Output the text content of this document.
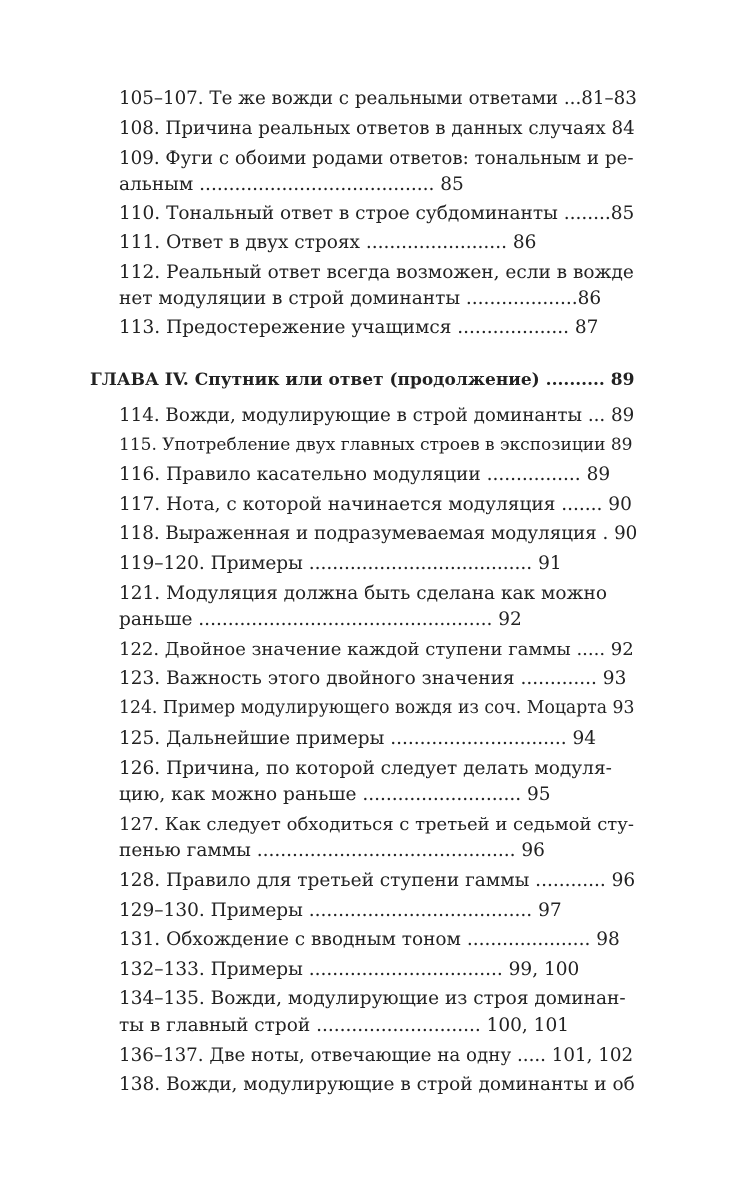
105–107. Те же вожди с реальными ответами ...81–83
108. Причина реальных ответов в данных случаях 84
109. Фуги с обоими родами ответов: тональным и ре-
альным ........................................ 85
110. Тональный ответ в строе субдоминанты ........85
111. Ответ в двух строях ........................ 86
112. Реальный ответ всегда возможен, если в вожде
нет модуляции в строй доминанты ...................86
113. Предостережение учащимся ................... 87
ГЛАВА IV. Спутник или ответ (продолжение) .......... 89
114. Вожди, модулирующие в строй доминанты ... 89
115. Употребление двух главных строев в экспозиции 89
116. Правило касательно модуляции ................ 89
117. Нота, с которой начинается модуляция ....... 90
118. Выраженная и подразумеваемая модуляция . 90
119–120. Примеры ...................................... 91
121. Модуляция должна быть сделана как можно
раньше .................................................. 92
122. Двойное значение каждой ступени гаммы ..... 92
123. Важность этого двойного значения ............. 93
124. Пример модулирующего вождя из соч. Моцарта 93
125. Дальнейшие примеры .............................. 94
126. Причина, по которой следует делать модуля-
цию, как можно раньше ........................... 95
127. Как следует обходиться с третьей и седьмой сту-
пенью гаммы ............................................ 96
128. Правило для третьей ступени гаммы ............ 96
129–130. Примеры ...................................... 97
131. Обхождение с вводным тоном ..................... 98
132–133. Примеры ................................. 99, 100
134–135. Вожди, модулирующие из строя доминан-
ты в главный строй ............................ 100, 101
136–137. Две ноты, отвечающие на одну ..... 101, 102
138. Вожди, модулирующие в строй доминанты и об
